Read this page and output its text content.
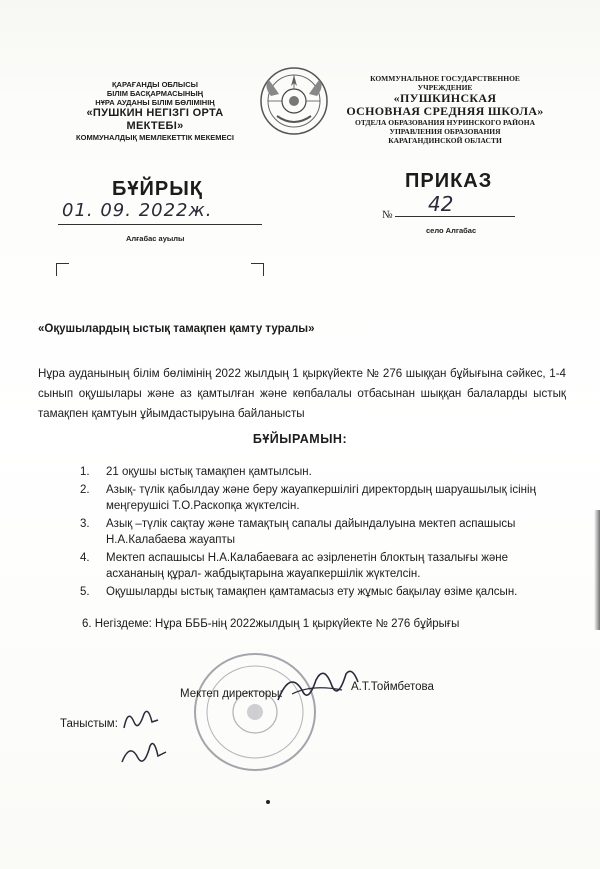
ҚАРАҒАНДЫ ОБЛЫСЫ
БІЛІМ БАСҚАРМАСЫНЫҢ
НҰРА АУДАНЫ БІЛІМ БӨЛІМІНІҢ
«ПУШКИН НЕГІЗГІ ОРТА
МЕКТЕБІ»
КОММУНАЛДЫҚ МЕМЛЕКЕТТІК МЕКЕМЕСІ
КОММУНАЛЬНОЕ ГОСУДАРСТВЕННОЕ УЧРЕЖДЕНИЕ
«ПУШКИНСКАЯ
ОСНОВНАЯ СРЕДНЯЯ ШКОЛА»
ОТДЕЛА ОБРАЗОВАНИЯ НУРИНСКОГО РАЙОНА
УПРАВЛЕНИЯ ОБРАЗОВАНИЯ
КАРАГАНДИНСКОЙ ОБЛАСТИ
БҰЙРЫҚ	ПРИКАЗ
01. 09. 2022ж.	№ 42
Алғабас ауылы
село Алгабас
«Оқушылардың ыстық тамақпен қамту туралы»
Нұра ауданының білім бөлімінің 2022 жылдың 1 қыркүйекте № 276 шыққан бұйығына сәйкес, 1-4 сынып оқушылары және аз қамтылған және көпбалалы отбасынан шыққан балаларды ыстық тамақпен қамтуын ұйымдастыруына байланысты
БҰЙЫРАМЫН:
1. 21 оқушы ыстық тамақпен қамтылсын.
2. Азық- түлік қабылдау және беру жауапкершілігі директордың шаруашылық ісінің меңгерушісі Т.О.Раскопқа жүктелсін.
3. Азық –түлік сақтау және тамақтың сапалы дайындалуына мектеп аспашысы Н.А.Калабаева жауапты
4. Мектеп аспашысы Н.А.Калабаеваға ас әзірленетін блоктың тазалығы және асхананың құрал- жабдықтарына жауапкершілік жүктелсін.
5. Оқушыларды ыстық тамақпен қамтамасыз ету жұмыс бақылау өзіме қалсын.
6. Негіздеме: Нұра БББ-нің 2022жылдың 1 қыркүйекте № 276 бұйрығы
Мектеп директоры:
А.Т.Тоймбетова
Таныстым:
